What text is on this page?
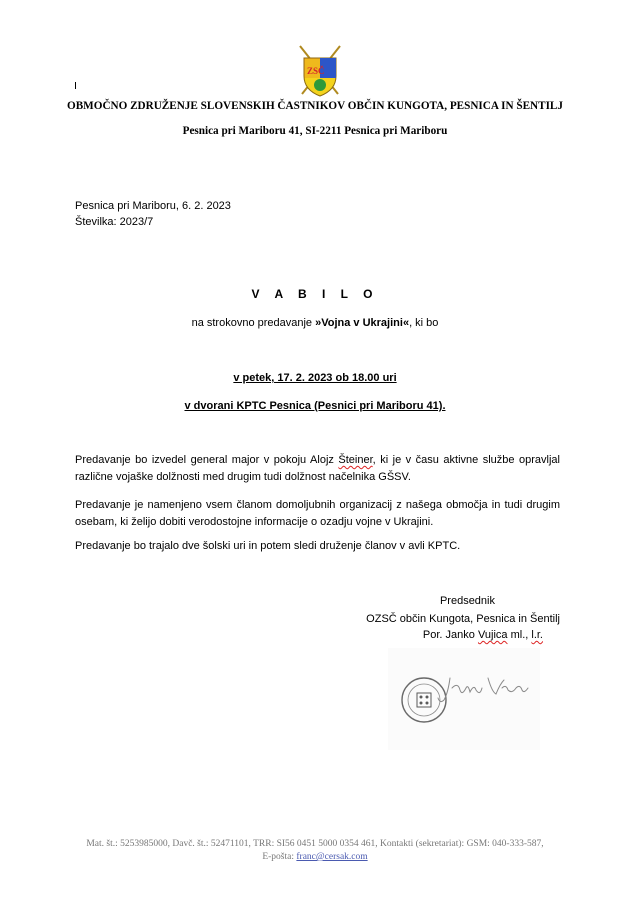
ZSČ
OBMOČNO ZDRUŽENJE SLOVENSKIH ČASTNIKOV OBČIN KUNGOTA, PESNICA IN ŠENTILJ
Pesnica pri Mariboru 41, SI-2211 Pesnica pri Mariboru
Pesnica pri Mariboru, 6. 2. 2023
Številka: 2023/7
V A B I L O
na strokovno predavanje »Vojna v Ukrajini«, ki bo
v petek, 17. 2. 2023 ob 18.00 uri
v dvorani KPTC Pesnica (Pesnici pri Mariboru 41).
Predavanje bo izvedel general major v pokoju Alojz Šteiner, ki je v času aktivne službe opravljal različne vojaške dolžnosti med drugim tudi dolžnost načelnika GŠSV.
Predavanje je namenjeno vsem članom domoljubnih organizacij z našega območja in tudi drugim osebam, ki želijo dobiti verodostojne informacije o ozadju vojne v Ukrajini.
Predavanje bo trajalo dve šolski uri in potem sledi druženje članov v avli KPTC.
Predsednik
OZSČ občin Kungota, Pesnica in Šentilj
Por. Janko Vujica ml., l.r.
Mat. št.: 5253985000, Davč. št.: 52471101, TRR: SI56 0451 5000 0354 461, Kontakti (sekretariat): GSM: 040-333-587,
E-pošta: franc@cersak.com
